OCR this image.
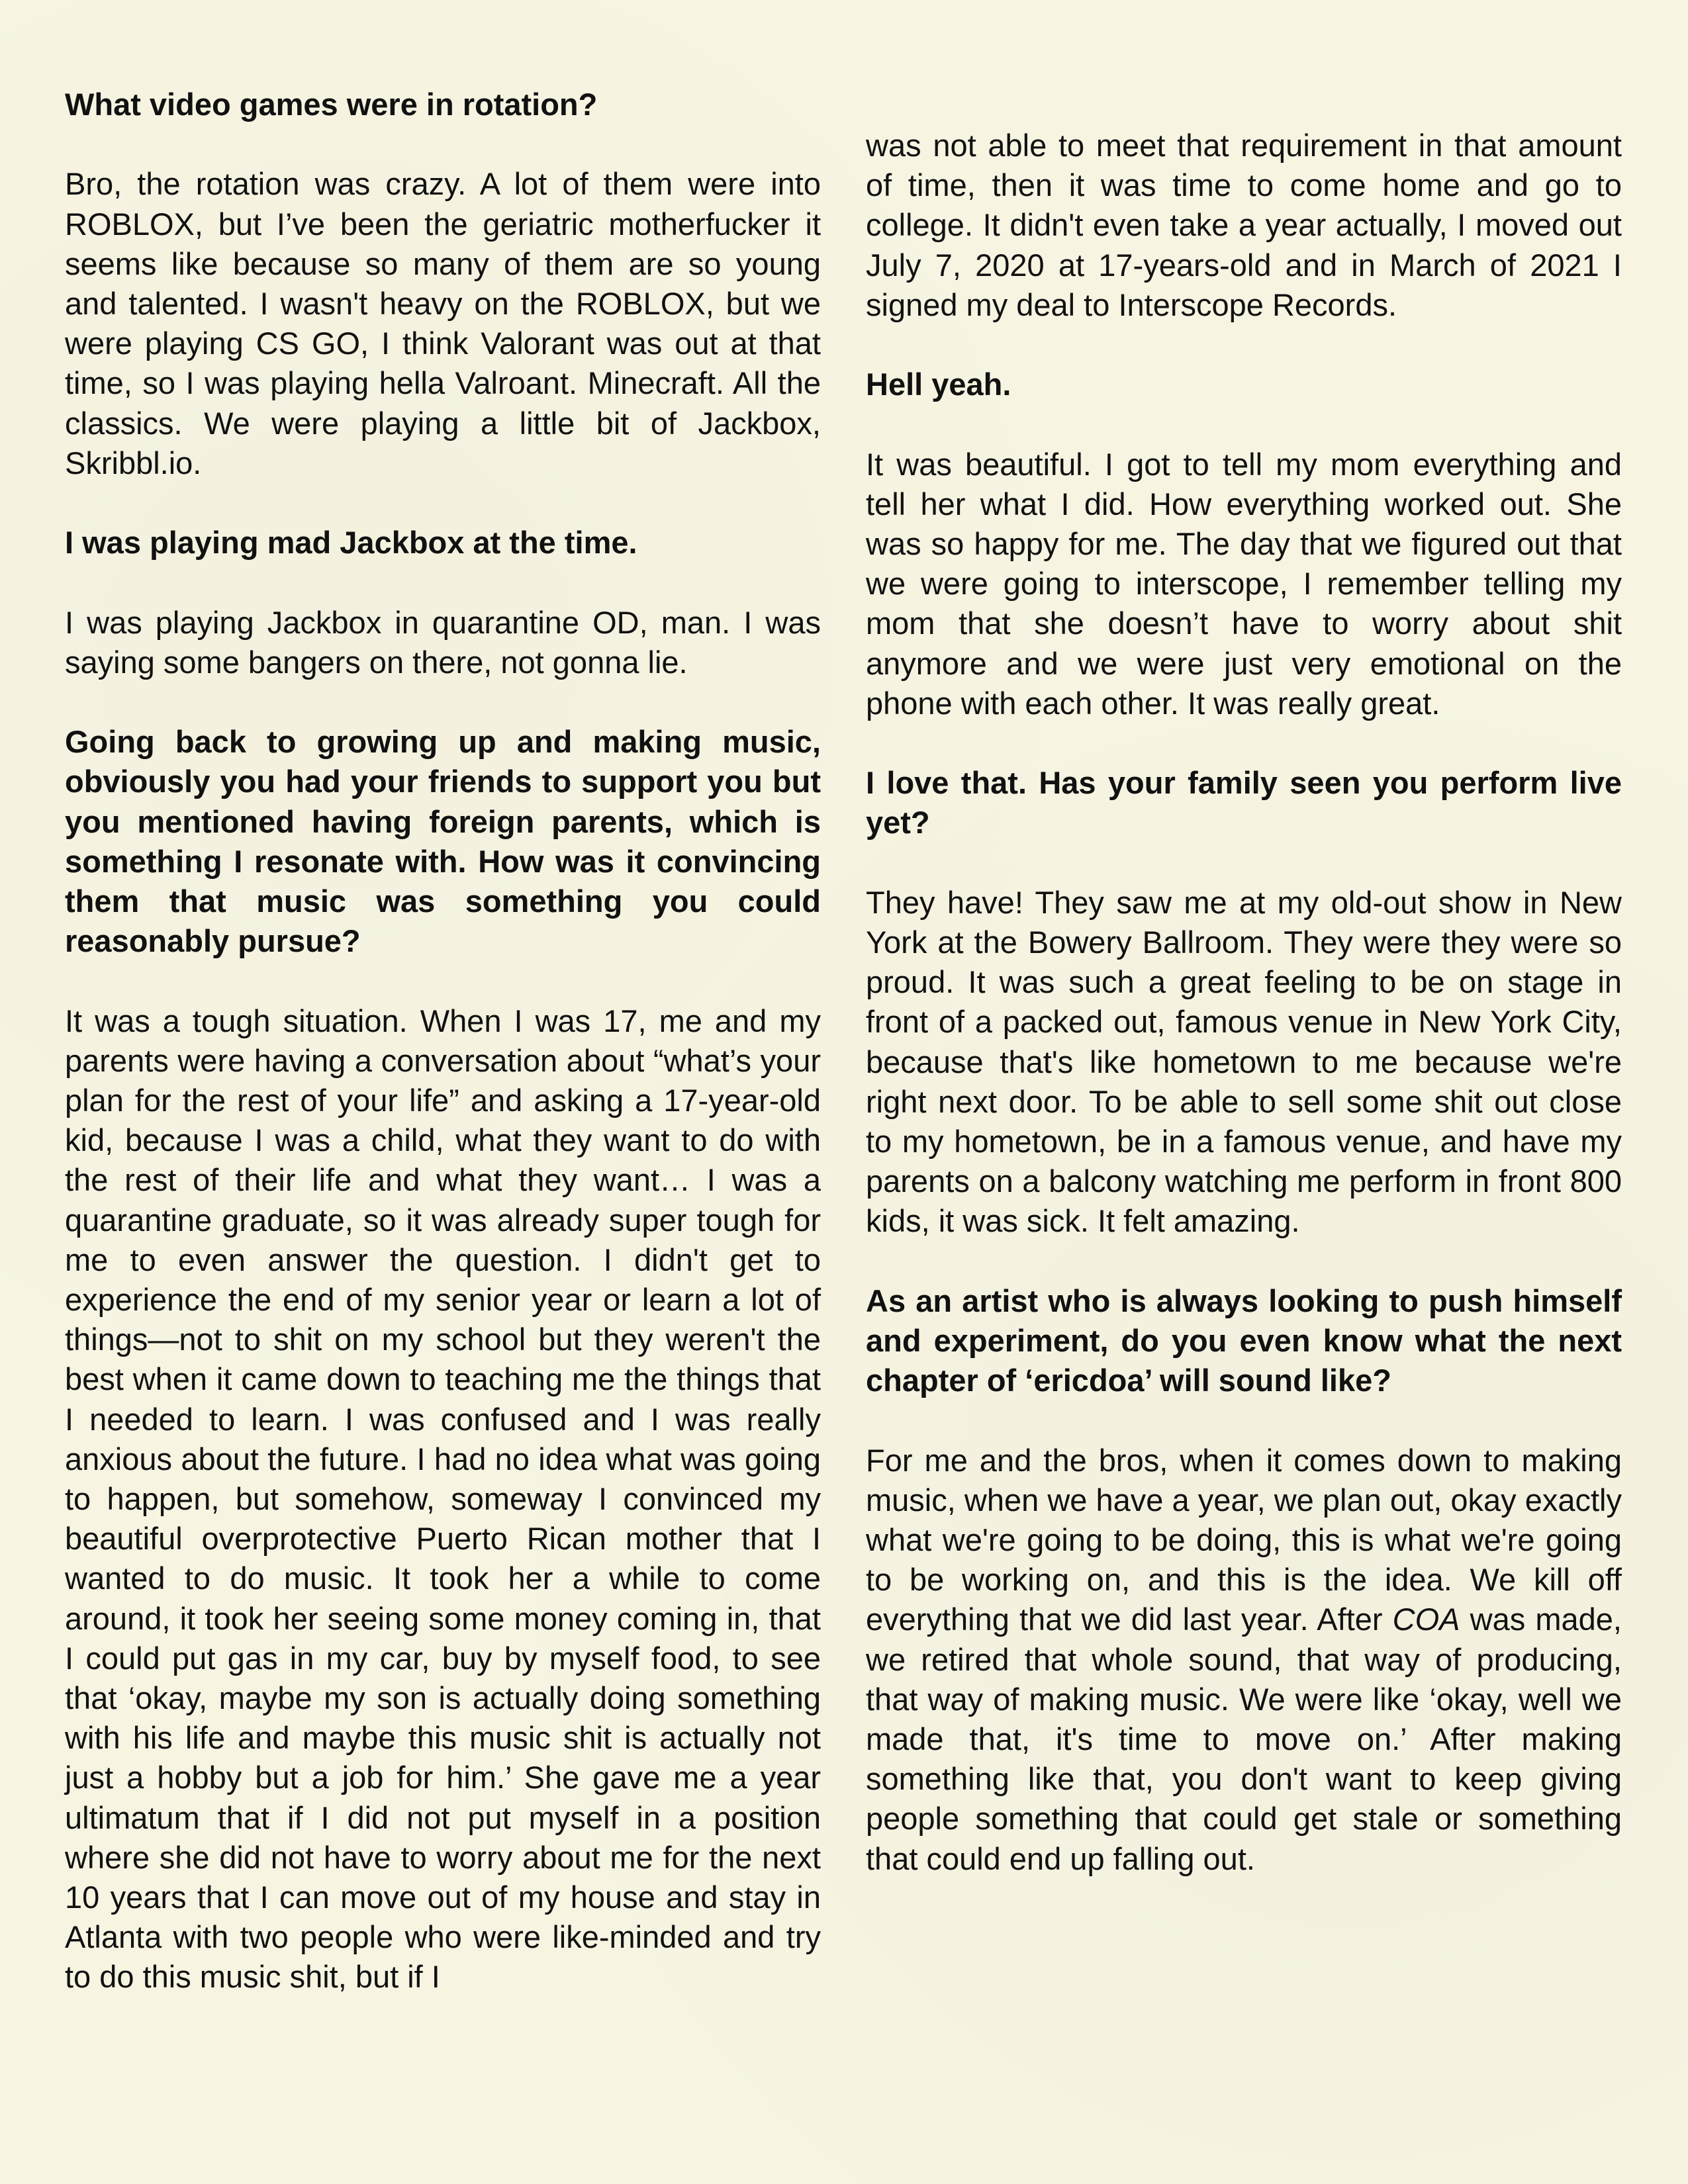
What video games were in rotation?

Bro, the rotation was crazy. A lot of them were into ROBLOX, but I’ve been the geriatric motherfucker it seems like because so many of them are so young and talented. I wasn't heavy on the ROBLOX, but we were playing CS GO, I think Valorant was out at that time, so I was playing hella Valroant. Minecraft. All the classics. We were playing a little bit of Jackbox, Skribbl.io.

I was playing mad Jackbox at the time.

I was playing Jackbox in quarantine OD, man. I was saying some bangers on there, not gonna lie.

Going back to growing up and making music, obviously you had your friends to support you but you mentioned having foreign parents, which is something I resonate with. How was it convincing them that music was something you could reasonably pursue?

It was a tough situation. When I was 17, me and my parents were having a conversation about “what’s your plan for the rest of your life” and asking a 17-year-old kid, because I was a child, what they want to do with the rest of their life and what they want… I was a quarantine graduate, so it was already super tough for me to even answer the question. I didn't get to experience the end of my senior year or learn a lot of things—not to shit on my school but they weren't the best when it came down to teaching me the things that I needed to learn. I was confused and I was really anxious about the future. I had no idea what was going to happen, but somehow, someway I convinced my beautiful overprotective Puerto Rican mother that I wanted to do music. It took her a while to come around, it took her seeing some money coming in, that I could put gas in my car, buy by myself food, to see that ‘okay, maybe my son is actually doing something with his life and maybe this music shit is actually not just a hobby but a job for him.’ She gave me a year ultimatum that if I did not put myself in a position where she did not have to worry about me for the next 10 years that I can move out of my house and stay in Atlanta with two people who were like-minded and try to do this music shit, but if I

was not able to meet that requirement in that amount of time, then it was time to come home and go to college. It didn't even take a year actually, I moved out July 7, 2020 at 17-years-old and in March of 2021 I signed my deal to Interscope Records.

Hell yeah.

It was beautiful. I got to tell my mom everything and tell her what I did. How everything worked out. She was so happy for me. The day that we figured out that we were going to interscope, I remember telling my mom that she doesn’t have to worry about shit anymore and we were just very emotional on the phone with each other. It was really great.

I love that. Has your family seen you perform live yet?

They have! They saw me at my old-out show in New York at the Bowery Ballroom. They were they were so proud. It was such a great feeling to be on stage in front of a packed out, famous venue in New York City, because that's like hometown to me because we're right next door. To be able to sell some shit out close to my hometown, be in a famous venue, and have my parents on a balcony watching me perform in front 800 kids, it was sick. It felt amazing.

As an artist who is always looking to push himself and experiment, do you even know what the next chapter of ‘ericdoa’ will sound like?

For me and the bros, when it comes down to making music, when we have a year, we plan out, okay exactly what we're going to be doing, this is what we're going to be working on, and this is the idea. We kill off everything that we did last year. After COA was made, we retired that whole sound, that way of producing, that way of making music. We were like ‘okay, well we made that, it's time to move on.’ After making something like that, you don't want to keep giving people something that could get stale or something that could end up falling out.
